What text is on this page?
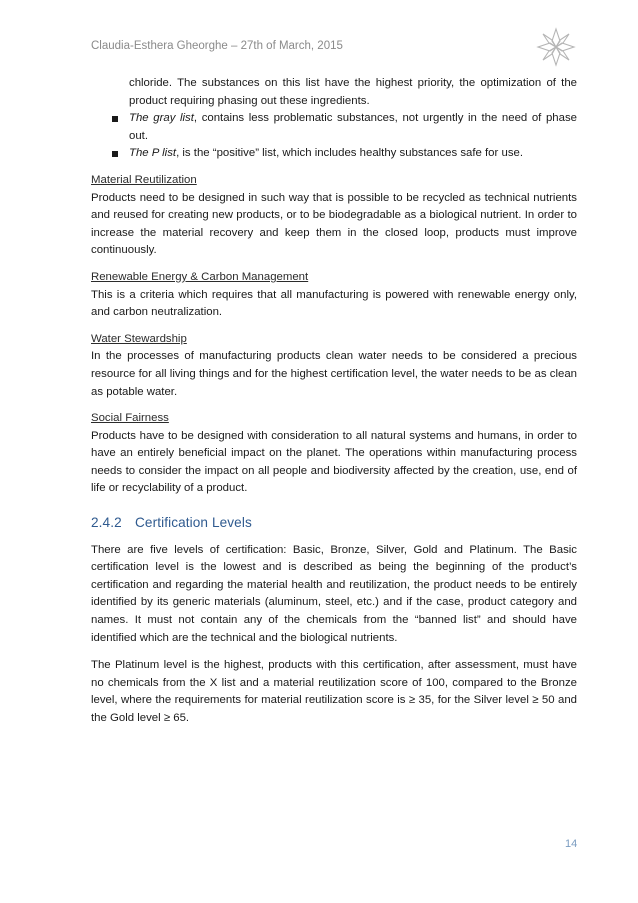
Claudia-Esthera Gheorghe – 27th of March, 2015
chloride. The substances on this list have the highest priority, the optimization of the product requiring phasing out these ingredients.
The gray list, contains less problematic substances, not urgently in the need of phase out.
The P list, is the “positive” list, which includes healthy substances safe for use.
Material Reutilization
Products need to be designed in such way that is possible to be recycled as technical nutrients and reused for creating new products, or to be biodegradable as a biological nutrient. In order to increase the material recovery and keep them in the closed loop, products must improve continuously.
Renewable Energy & Carbon Management
This is a criteria which requires that all manufacturing is powered with renewable energy only, and carbon neutralization.
Water Stewardship
In the processes of manufacturing products clean water needs to be considered a precious resource for all living things and for the highest certification level, the water needs to be as clean as potable water.
Social Fairness
Products have to be designed with consideration to all natural systems and humans, in order to have an entirely beneficial impact on the planet. The operations within manufacturing process needs to consider the impact on all people and biodiversity affected by the creation, use, end of life or recyclability of a product.
2.4.2 Certification Levels

There are five levels of certification: Basic, Bronze, Silver, Gold and Platinum. The Basic certification level is the lowest and is described as being the beginning of the product’s certification and regarding the material health and reutilization, the product needs to be entirely identified by its generic materials (aluminum, steel, etc.) and if the case, product category and names. It must not contain any of the chemicals from the “banned list” and should have identified which are the technical and the biological nutrients.

The Platinum level is the highest, products with this certification, after assessment, must have no chemicals from the X list and a material reutilization score of 100, compared to the Bronze level, where the requirements for material reutilization score is ≥ 35, for the Silver level ≥ 50 and the Gold level ≥ 65.

14
